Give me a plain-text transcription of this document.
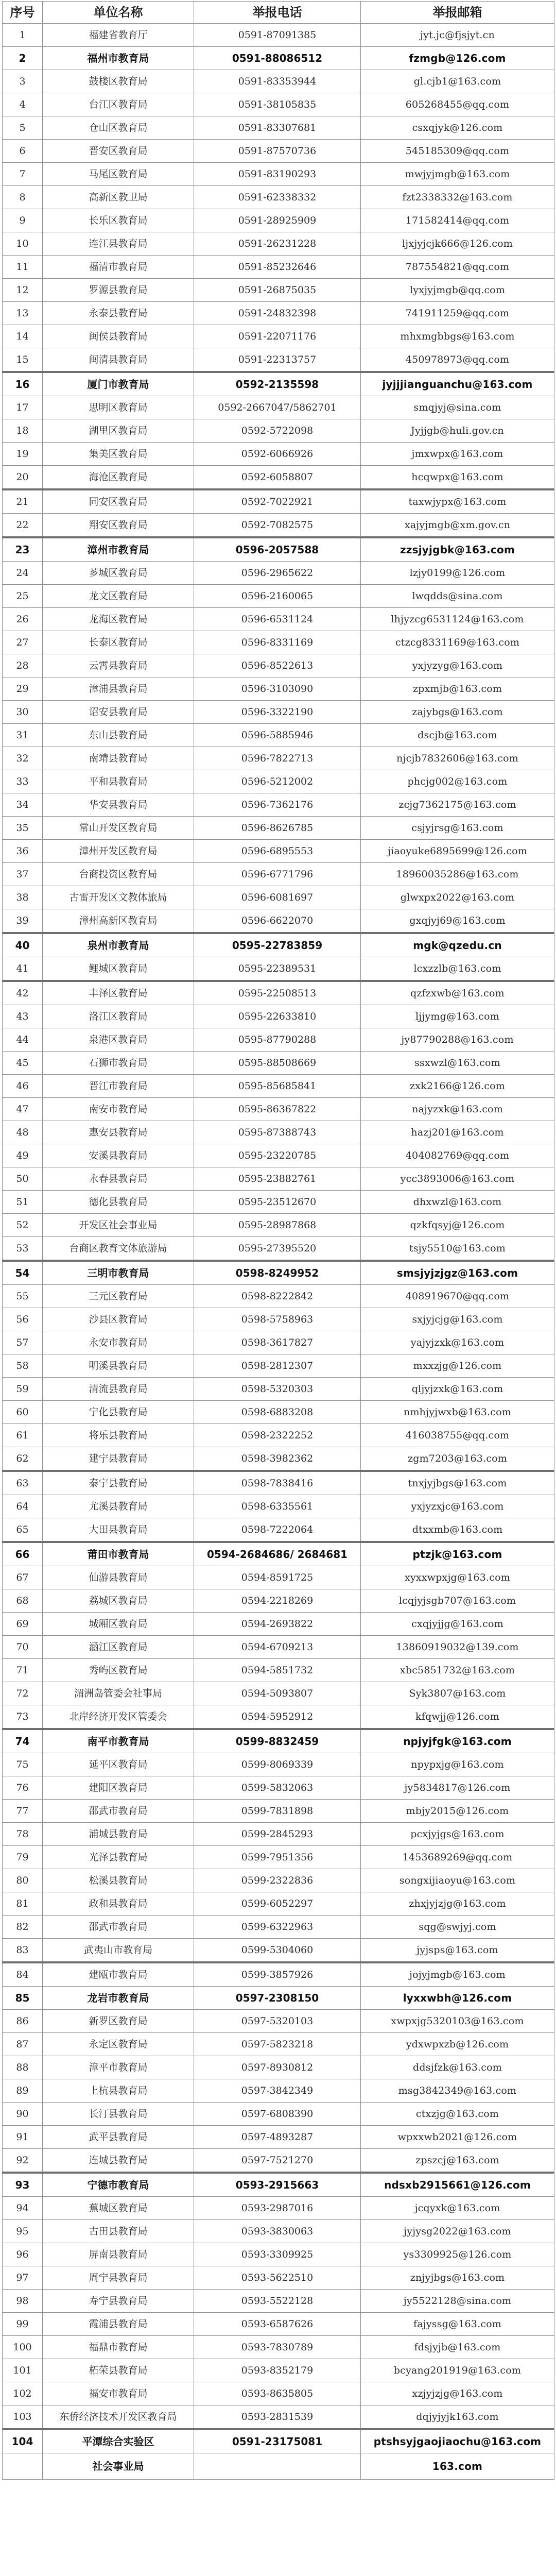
序号	单位名称	举报电话	举报邮箱
1	福建省教育厅	0591-87091385	jyt.jc@fjsjyt.cn
2	福州市教育局	0591-88086512	fzmgb@126.com
3	鼓楼区教育局	0591-83353944	gl.cjb1@163.com
4	台江区教育局	0591-38105835	605268455@qq.com
5	仓山区教育局	0591-83307681	csxqjyk@126.com
6	晋安区教育局	0591-87570736	545185309@qq.com
7	马尾区教育局	0591-83190293	mwjyjmgb@163.com
8	高新区教卫局	0591-62338332	fzt2338332@163.com
9	长乐区教育局	0591-28925909	171582414@qq.com
10	连江县教育局	0591-26231228	ljxjyjcjk666@126.com
11	福清市教育局	0591-85232646	787554821@qq.com
12	罗源县教育局	0591-26875035	lyxjyjmgb@qq.com
13	永泰县教育局	0591-24832398	741911259@qq.com
14	闽侯县教育局	0591-22071176	mhxmgbbgs@163.com
15	闽清县教育局	0591-22313757	450978973@qq.com
16	厦门市教育局	0592-2135598	jyjjjianguanchu@163.com
17	思明区教育局	0592-2667047/5862701	smqjyj@sina.com
18	湖里区教育局	0592-5722098	Jyjjgb@huli.gov.cn
19	集美区教育局	0592-6066926	jmxwpx@163.com
20	海沧区教育局	0592-6058807	hcqwpx@163.com
21	同安区教育局	0592-7022921	taxwjypx@163.com
22	翔安区教育局	0592-7082575	xajyjmgb@xm.gov.cn
23	漳州市教育局	0596-2057588	zzsjyjgbk@163.com
24	芗城区教育局	0596-2965622	lzjy0199@126.com
25	龙文区教育局	0596-2160065	lwqdds@sina.com
26	龙海区教育局	0596-6531124	lhjyzcg6531124@163.com
27	长泰区教育局	0596-8331169	ctzcg8331169@163.com
28	云霄县教育局	0596-8522613	yxjyzyg@163.com
29	漳浦县教育局	0596-3103090	zpxmjb@163.com
30	诏安县教育局	0596-3322190	zajybgs@163.com
31	东山县教育局	0596-5885946	dscjb@163.com
32	南靖县教育局	0596-7822713	njcjb7832606@163.com
33	平和县教育局	0596-5212002	phcjg002@163.com
34	华安县教育局	0596-7362176	zcjg7362175@163.com
35	常山开发区教育局	0596-8626785	csjyjrsg@163.com
36	漳州开发区教育局	0596-6895553	jiaoyuke6895699@126.com
37	台商投资区教育局	0596-6771796	18960035286@163.com
38	古雷开发区文教体旅局	0596-6081697	glwxpx2022@163.com
39	漳州高新区教育局	0596-6622070	gxqjyj69@163.com
40	泉州市教育局	0595-22783859	mgk@qzedu.cn
41	鲤城区教育局	0595-22389531	lcxzzlb@163.com
42	丰泽区教育局	0595-22508513	qzfzxwb@163.com
43	洛江区教育局	0595-22633810	ljjymg@163.com
44	泉港区教育局	0595-87790288	jy87790288@163.com
45	石狮市教育局	0595-88508669	ssxwzl@163.com
46	晋江市教育局	0595-85685841	zxk2166@126.com
47	南安市教育局	0595-86367822	najyzxk@163.com
48	惠安县教育局	0595-87388743	hazj201@163.com
49	安溪县教育局	0595-23220785	404082769@qq.com
50	永春县教育局	0595-23882761	ycc3893006@163.com
51	德化县教育局	0595-23512670	dhxwzl@163.com
52	开发区社会事业局	0595-28987868	qzkfqsyj@126.com
53	台商区教育文体旅游局	0595-27395520	tsjy5510@163.com
54	三明市教育局	0598-8249952	smsjyjzjgz@163.com
55	三元区教育局	0598-8222842	408919670@qq.com
56	沙县区教育局	0598-5758963	sxjyjcjg@163.com
57	永安市教育局	0598-3617827	yajyjzxk@163.com
58	明溪县教育局	0598-2812307	mxxzjg@126.com
59	清流县教育局	0598-5320303	qljyjzxk@163.com
60	宁化县教育局	0598-6883208	nmhjyjwxb@163.com
61	将乐县教育局	0598-2322252	416038755@qq.com
62	建宁县教育局	0598-3982362	zgm7203@163.com
63	泰宁县教育局	0598-7838416	tnxjyjbgs@163.com
64	尤溪县教育局	0598-6335561	yxjyzxjc@163.com
65	大田县教育局	0598-7222064	dtxxmb@163.com
66	莆田市教育局	0594-2684686/ 2684681	ptzjk@163.com
67	仙游县教育局	0594-8591725	xyxxwpxjg@163.com
68	荔城区教育局	0594-2218269	lcqjyjsgb707@163.com
69	城厢区教育局	0594-2693822	cxqjyjjg@163.com
70	涵江区教育局	0594-6709213	13860919032@139.com
71	秀屿区教育局	0594-5851732	xbc5851732@163.com
72	湄洲岛管委会社事局	0594-5093807	Syk3807@163.com
73	北岸经济开发区管委会	0594-5952912	kfqwjj@126.com
74	南平市教育局	0599-8832459	npjyjfgk@163.com
75	延平区教育局	0599-8069339	npypxjg@163.com
76	建阳区教育局	0599-5832063	jy5834817@126.com
77	邵武市教育局	0599-7831898	mbjy2015@126.com
78	浦城县教育局	0599-2845293	pcxjyjgs@163.com
79	光泽县教育局	0599-7951356	1453689269@qq.com
80	松溪县教育局	0599-2322836	songxijiaoyu@163.com
81	政和县教育局	0599-6052297	zhxjyjzjg@163.com
82	邵武市教育局	0599-6322963	sqg@swjyj.com
83	武夷山市教育局	0599-5304060	jyjsps@163.com
84	建瓯市教育局	0599-3857926	jojyjmgb@163.com
85	龙岩市教育局	0597-2308150	lyxxwbh@126.com
86	新罗区教育局	0597-5320103	xwpxjg5320103@163.com
87	永定区教育局	0597-5823218	ydxwpxzb@126.com
88	漳平市教育局	0597-8930812	ddsjfzk@163.com
89	上杭县教育局	0597-3842349	msg3842349@163.com
90	长汀县教育局	0597-6808390	ctxzjg@163.com
91	武平县教育局	0597-4893287	wpxxwb2021@126.com
92	连城县教育局	0597-7521270	zpszcj@163.com
93	宁德市教育局	0593-2915663	ndsxb2915661@126.com
94	蕉城区教育局	0593-2987016	jcqyxk@163.com
95	古田县教育局	0593-3830063	jyjysg2022@163.com
96	屏南县教育局	0593-3309925	ys3309925@126.com
97	周宁县教育局	0593-5622510	znjyjbgs@163.com
98	寿宁县教育局	0593-5522128	jy5522128@sina.com
99	霞浦县教育局	0593-6587626	fajyssg@163.com
100	福鼎市教育局	0593-7830789	fdsjyjb@163.com
101	柘荣县教育局	0593-8352179	bcyang201919@163.com
102	福安市教育局	0593-8635805	xzjyjzjg@163.com
103	东侨经济技术开发区教育局	0593-2831539	dqjyjyjk163.com
104	平潭综合实验区	0591-23175081	ptshsyjgaojiaochu@163.com
	社会事业局		163.com
